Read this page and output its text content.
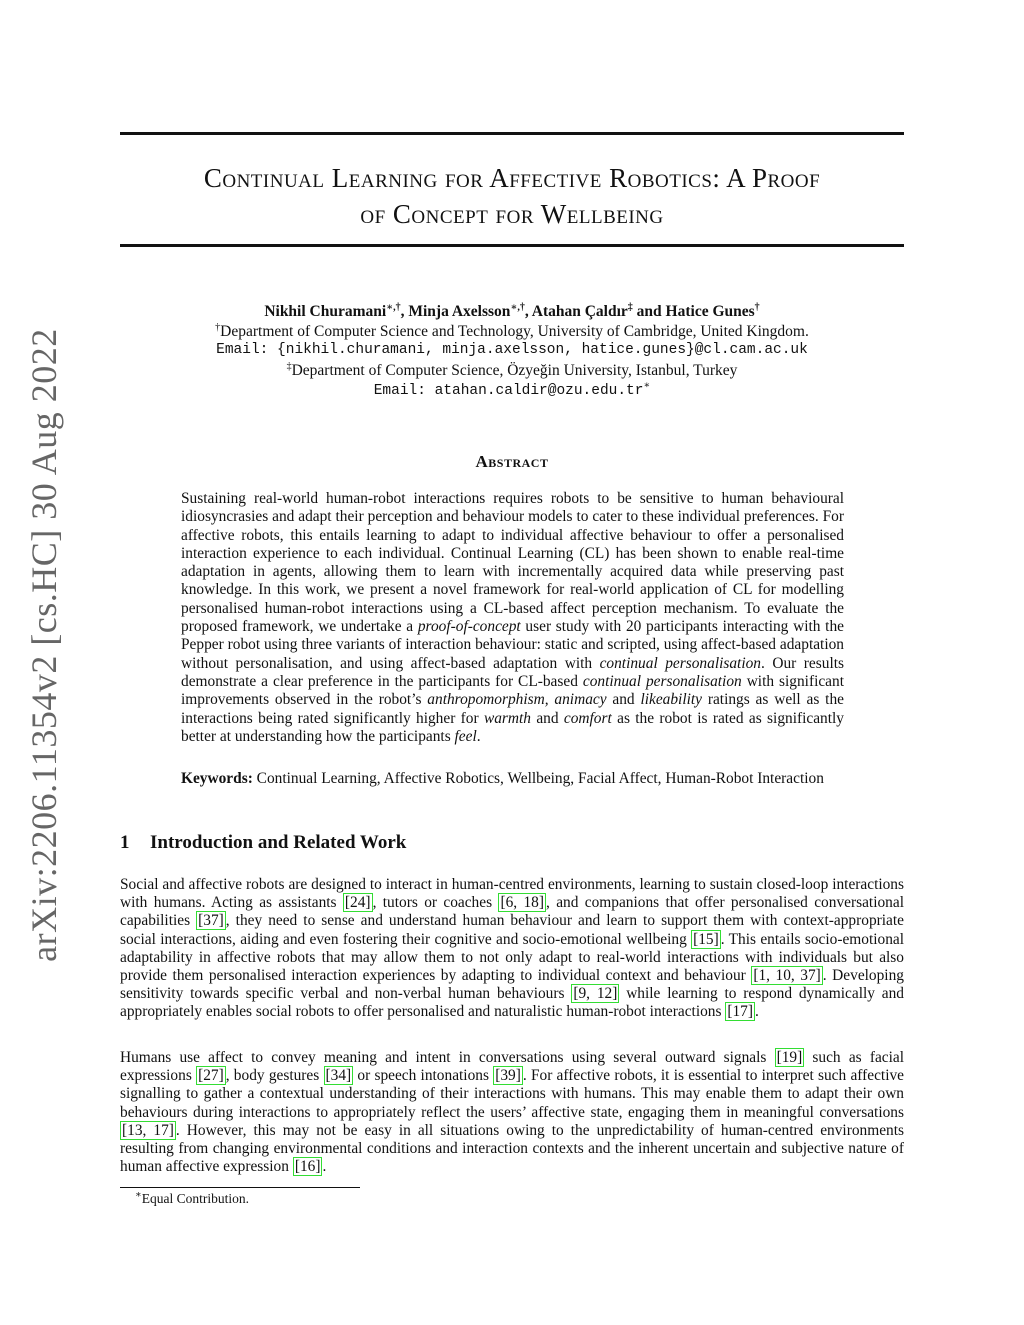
arXiv:2206.11354v2 [cs.HC] 30 Aug 2022
Continual Learning for Affective Robotics: A Proof
of Concept for Wellbeing
Nikhil Churamani∗,†, Minja Axelsson∗,†, Atahan Çaldır‡ and Hatice Gunes†
†Department of Computer Science and Technology, University of Cambridge, United Kingdom.
Email: {nikhil.churamani, minja.axelsson, hatice.gunes}@cl.cam.ac.uk
‡Department of Computer Science, Özyeğin University, Istanbul, Turkey
Email: atahan.caldir@ozu.edu.tr∗
Abstract
Sustaining real-world human-robot interactions requires robots to be sensitive to human behavioural idiosyncrasies and adapt their perception and behaviour models to cater to these individual preferences. For affective robots, this entails learning to adapt to individual affective behaviour to offer a personalised interaction experience to each individual. Continual Learning (CL) has been shown to enable real-time adaptation in agents, allowing them to learn with incrementally acquired data while preserving past knowledge. In this work, we present a novel framework for real-world application of CL for modelling personalised human-robot interactions using a CL-based affect perception mechanism. To evaluate the proposed framework, we undertake a proof-of-concept user study with 20 participants interacting with the Pepper robot using three variants of interaction behaviour: static and scripted, using affect-based adaptation without personalisation, and using affect-based adaptation with continual personalisation. Our results demonstrate a clear preference in the participants for CL-based continual personalisation with significant improvements observed in the robot’s anthropomorphism, animacy and likeability ratings as well as the interactions being rated significantly higher for warmth and comfort as the robot is rated as significantly better at understanding how the participants feel.
Keywords: Continual Learning, Affective Robotics, Wellbeing, Facial Affect, Human-Robot Interaction
1 Introduction and Related Work
Social and affective robots are designed to interact in human-centred environments, learning to sustain closed-loop interactions with humans. Acting as assistants [24] , tutors or coaches [6, 18] , and companions that offer personalised conversational capabilities [37] , they need to sense and understand human behaviour and learn to support them with context-appropriate social interactions, aiding and even fostering their cognitive and socio-emotional wellbeing [15] . This entails socio-emotional adaptability in affective robots that may allow them to not only adapt to real-world interactions with individuals but also provide them personalised interaction experiences by adapting to individual context and behaviour [1, 10, 37] . Developing sensitivity towards specific verbal and non-verbal human behaviours [9, 12] while learning to respond dynamically and appropriately enables social robots to offer personalised and naturalistic human-robot interactions [17] .
Humans use affect to convey meaning and intent in conversations using several outward signals [19] such as facial expressions [27] , body gestures [34] or speech intonations [39] . For affective robots, it is essential to interpret such affective signalling to gather a contextual understanding of their interactions with humans. This may enable them to adapt their own behaviours during interactions to appropriately reflect the users’ affective state, engaging them in meaningful conversations [13, 17] . However, this may not be easy in all situations owing to the unpredictability of human-centred environments resulting from changing environmental conditions and interaction contexts and the inherent uncertain and subjective nature of human affective expression [16] .
∗Equal Contribution.
